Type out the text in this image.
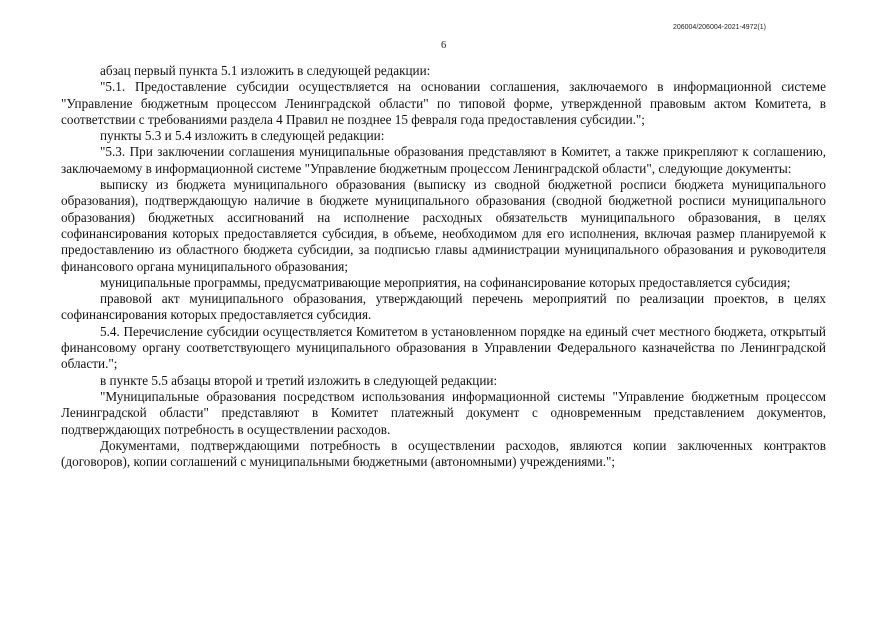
206004/206004-2021-4972(1)
6

абзац первый пункта 5.1 изложить в следующей редакции:

"5.1. Предоставление субсидии осуществляется на основании соглашения, заключаемого в информационной системе "Управление бюджетным процессом Ленинградской области" по типовой форме, утвержденной правовым актом Комитета, в соответствии с требованиями раздела 4 Правил не позднее 15 февраля года предоставления субсидии.";

пункты 5.3 и 5.4 изложить в следующей редакции:

"5.3. При заключении соглашения муниципальные образования представляют в Комитет, а также прикрепляют к соглашению, заключаемому в информационной системе "Управление бюджетным процессом Ленинградской области", следующие документы:

выписку из бюджета муниципального образования (выписку из сводной бюджетной росписи бюджета муниципального образования), подтверждающую наличие в бюджете муниципального образования (сводной бюджетной росписи муниципального образования) бюджетных ассигнований на исполнение расходных обязательств муниципального образования, в целях софинансирования которых предоставляется субсидия, в объеме, необходимом для его исполнения, включая размер планируемой к предоставлению из областного бюджета субсидии, за подписью главы администрации муниципального образования и руководителя финансового органа муниципального образования;

муниципальные программы, предусматривающие мероприятия, на софинансирование которых предоставляется субсидия;

правовой акт муниципального образования, утверждающий перечень мероприятий по реализации проектов, в целях софинансирования которых предоставляется субсидия.

5.4. Перечисление субсидии осуществляется Комитетом в установленном порядке на единый счет местного бюджета, открытый финансовому органу соответствующего муниципального образования в Управлении Федерального казначейства по Ленинградской области.";

в пункте 5.5 абзацы второй и третий изложить в следующей редакции:

"Муниципальные образования посредством использования информационной системы "Управление бюджетным процессом Ленинградской области" представляют в Комитет платежный документ с одновременным представлением документов, подтверждающих потребность в осуществлении расходов.

Документами, подтверждающими потребность в осуществлении расходов, являются копии заключенных контрактов (договоров), копии соглашений с муниципальными бюджетными (автономными) учреждениями.";
